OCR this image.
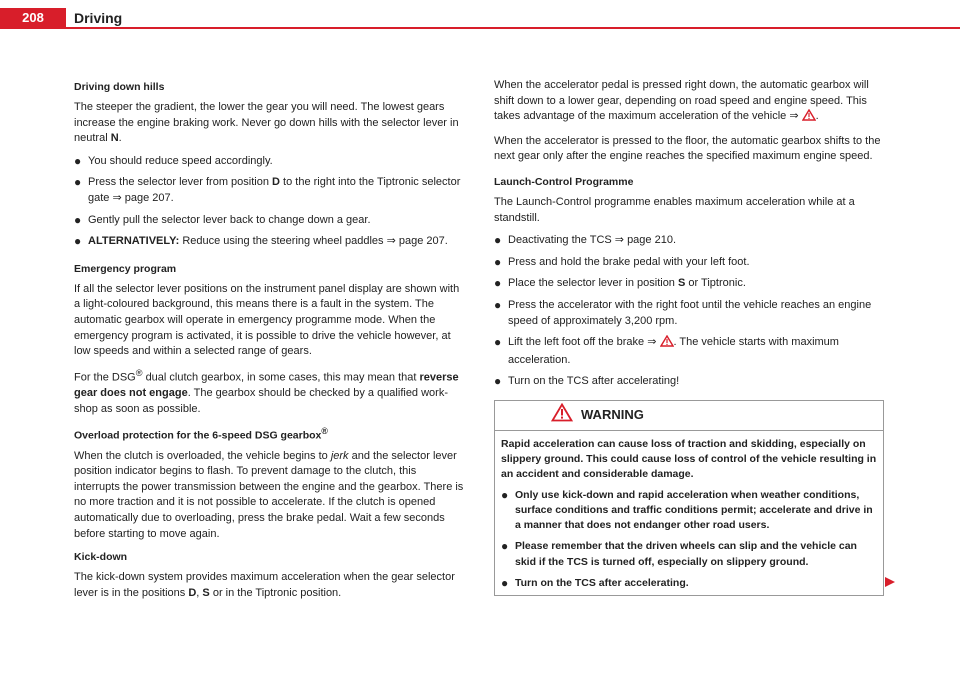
208	Driving
Driving down hills

The steeper the gradient, the lower the gear you will need. The lowest gears increase the engine braking work. Never go down hills with the selector lever in neutral N.

● You should reduce speed accordingly.
● Press the selector lever from position D to the right into the Tiptronic selector gate ⇒ page 207.
● Gently pull the selector lever back to change down a gear.
● ALTERNATIVELY: Reduce using the steering wheel paddles ⇒ page 207.
Emergency program

If all the selector lever positions on the instrument panel display are shown with a light-coloured background, this means there is a fault in the system. The automatic gearbox will operate in emergency programme mode. When the emergency program is activated, it is possible to drive the vehicle however, at low speeds and within a selected range of gears.

For the DSG® dual clutch gearbox, in some cases, this may mean that reverse gear does not engage. The gearbox should be checked by a qualified work-shop as soon as possible.

Overload protection for the 6-speed DSG gearbox®

When the clutch is overloaded, the vehicle begins to jerk and the selector lever position indicator begins to flash. To prevent damage to the clutch, this interrupts the power transmission between the engine and the gearbox. There is no more traction and it is not possible to accelerate. If the clutch is opened automatically due to overloading, press the brake pedal. Wait a few seconds before starting to move again.

Kick-down

The kick-down system provides maximum acceleration when the gear selector lever is in the positions D, S or in the Tiptronic position.

When the accelerator pedal is pressed right down, the automatic gearbox will shift down to a lower gear, depending on road speed and engine speed. This takes advantage of the maximum acceleration of the vehicle ⇒ .

When the accelerator is pressed to the floor, the automatic gearbox shifts to the next gear only after the engine reaches the specified maximum engine speed.

Launch-Control Programme

The Launch-Control programme enables maximum acceleration while at a standstill.

● Deactivating the TCS ⇒ page 210.
● Press and hold the brake pedal with your left foot.
● Place the selector lever in position S or Tiptronic.
● Press the accelerator with the right foot until the vehicle reaches an engine speed of approximately 3,200 rpm.
● Lift the left foot off the brake ⇒ . The vehicle starts with maximum acceleration.
● Turn on the TCS after accelerating!
WARNING

Rapid acceleration can cause loss of traction and skidding, especially on slippery ground. This could cause loss of control of the vehicle resulting in an accident and considerable damage.

● Only use kick-down and rapid acceleration when weather conditions, surface conditions and traffic conditions permit; accelerate and drive in a manner that does not endanger other road users.
● Please remember that the driven wheels can slip and the vehicle can skid if the TCS is turned off, especially on slippery ground.
● Turn on the TCS after accelerating.
